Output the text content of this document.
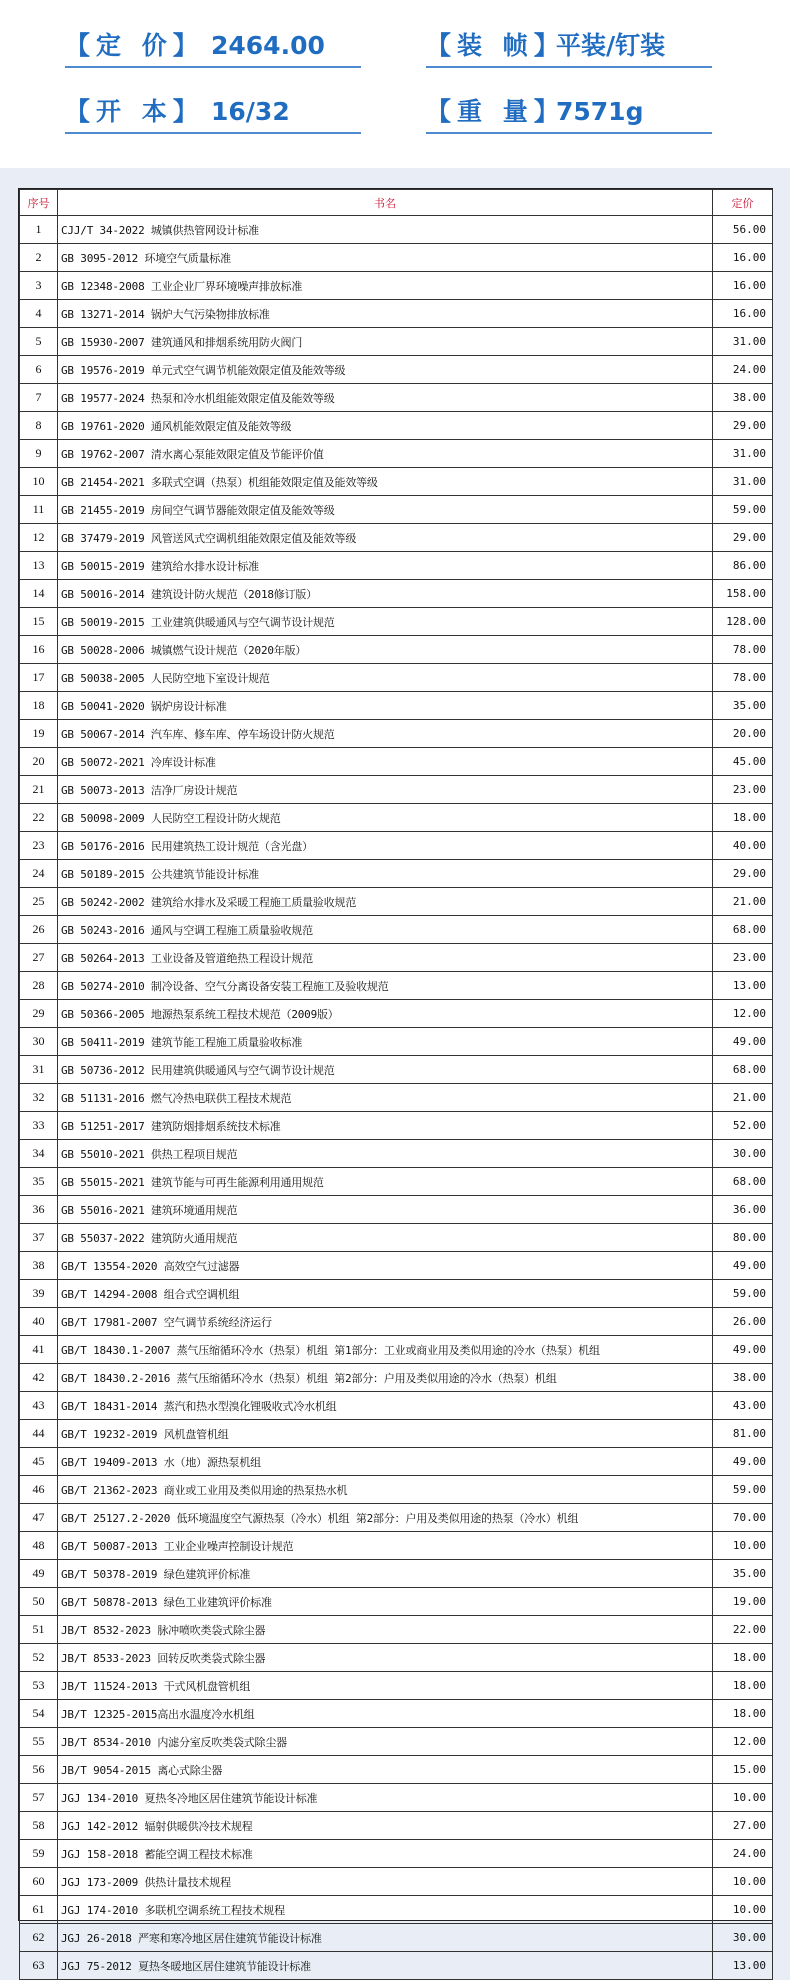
【定 价】 2464.00	【装 帧】
平装/钉装
【开 本】 16/32	【重 量】
7571g
序号	书名	定价
1	CJJ/T 34-2022 城镇供热管网设计标准	56.00
2	GB 3095-2012 环境空气质量标准	16.00
3	GB 12348-2008 工业企业厂界环境噪声排放标准	16.00
4	GB 13271-2014 锅炉大气污染物排放标准	16.00
5	GB 15930-2007 建筑通风和排烟系统用防火阀门	31.00
6	GB 19576-2019 单元式空气调节机能效限定值及能效等级	24.00
7	GB 19577-2024 热泵和冷水机组能效限定值及能效等级	38.00
8	GB 19761-2020 通风机能效限定值及能效等级	29.00
9	GB 19762-2007 清水离心泵能效限定值及节能评价值	31.00
10	GB 21454-2021 多联式空调（热泵）机组能效限定值及能效等级	31.00
11	GB 21455-2019 房间空气调节器能效限定值及能效等级	59.00
12	GB 37479-2019 风管送风式空调机组能效限定值及能效等级	29.00
13	GB 50015-2019 建筑给水排水设计标准	86.00
14	GB 50016-2014 建筑设计防火规范（2018修订版）	158.00
15	GB 50019-2015 工业建筑供暖通风与空气调节设计规范	128.00
16	GB 50028-2006 城镇燃气设计规范（2020年版）	78.00
17	GB 50038-2005 人民防空地下室设计规范	78.00
18	GB 50041-2020 锅炉房设计标准	35.00
19	GB 50067-2014 汽车库、修车库、停车场设计防火规范	20.00
20	GB 50072-2021 冷库设计标准	45.00
21	GB 50073-2013 洁净厂房设计规范	23.00
22	GB 50098-2009 人民防空工程设计防火规范	18.00
23	GB 50176-2016 民用建筑热工设计规范（含光盘）	40.00
24	GB 50189-2015 公共建筑节能设计标准	29.00
25	GB 50242-2002 建筑给水排水及采暖工程施工质量验收规范	21.00
26	GB 50243-2016 通风与空调工程施工质量验收规范	68.00
27	GB 50264-2013 工业设备及管道绝热工程设计规范	23.00
28	GB 50274-2010 制冷设备、空气分离设备安装工程施工及验收规范	13.00
29	GB 50366-2005 地源热泵系统工程技术规范（2009版）	12.00
30	GB 50411-2019 建筑节能工程施工质量验收标准	49.00
31	GB 50736-2012 民用建筑供暖通风与空气调节设计规范	68.00
32	GB 51131-2016 燃气冷热电联供工程技术规范	21.00
33	GB 51251-2017 建筑防烟排烟系统技术标准	52.00
34	GB 55010-2021 供热工程项目规范	30.00
35	GB 55015-2021 建筑节能与可再生能源利用通用规范	68.00
36	GB 55016-2021 建筑环境通用规范	36.00
37	GB 55037-2022 建筑防火通用规范	80.00
38	GB/T 13554-2020 高效空气过滤器	49.00
39	GB/T 14294-2008 组合式空调机组	59.00
40	GB/T 17981-2007 空气调节系统经济运行	26.00
41	GB/T 18430.1-2007 蒸气压缩循环冷水（热泵）机组 第1部分：工业或商业用及类似用途的冷水（热泵）机组	49.00
42	GB/T 18430.2-2016 蒸气压缩循环冷水（热泵）机组 第2部分：户用及类似用途的冷水（热泵）机组	38.00
43	GB/T 18431-2014 蒸汽和热水型溴化锂吸收式冷水机组	43.00
44	GB/T 19232-2019 风机盘管机组	81.00
45	GB/T 19409-2013 水（地）源热泵机组	49.00
46	GB/T 21362-2023 商业或工业用及类似用途的热泵热水机	59.00
47	GB/T 25127.2-2020 低环境温度空气源热泵（冷水）机组 第2部分：户用及类似用途的热泵（冷水）机组	70.00
48	GB/T 50087-2013 工业企业噪声控制设计规范	10.00
49	GB/T 50378-2019 绿色建筑评价标准	35.00
50	GB/T 50878-2013 绿色工业建筑评价标准	19.00
51	JB/T 8532-2023 脉冲喷吹类袋式除尘器	22.00
52	JB/T 8533-2023 回转反吹类袋式除尘器	18.00
53	JB/T 11524-2013 干式风机盘管机组	18.00
54	JB/T 12325-2015高出水温度冷水机组	18.00
55	JB/T 8534-2010 内滤分室反吹类袋式除尘器	12.00
56	JB/T 9054-2015 离心式除尘器	15.00
57	JGJ 134-2010 夏热冬冷地区居住建筑节能设计标准	10.00
58	JGJ 142-2012 辐射供暖供冷技术规程	27.00
59	JGJ 158-2018 蓄能空调工程技术标准	24.00
60	JGJ 173-2009 供热计量技术规程	10.00
61	JGJ 174-2010 多联机空调系统工程技术规程	10.00
62	JGJ 26-2018 严寒和寒冷地区居住建筑节能设计标准	30.00
63	JGJ 75-2012 夏热冬暖地区居住建筑节能设计标准	13.00
